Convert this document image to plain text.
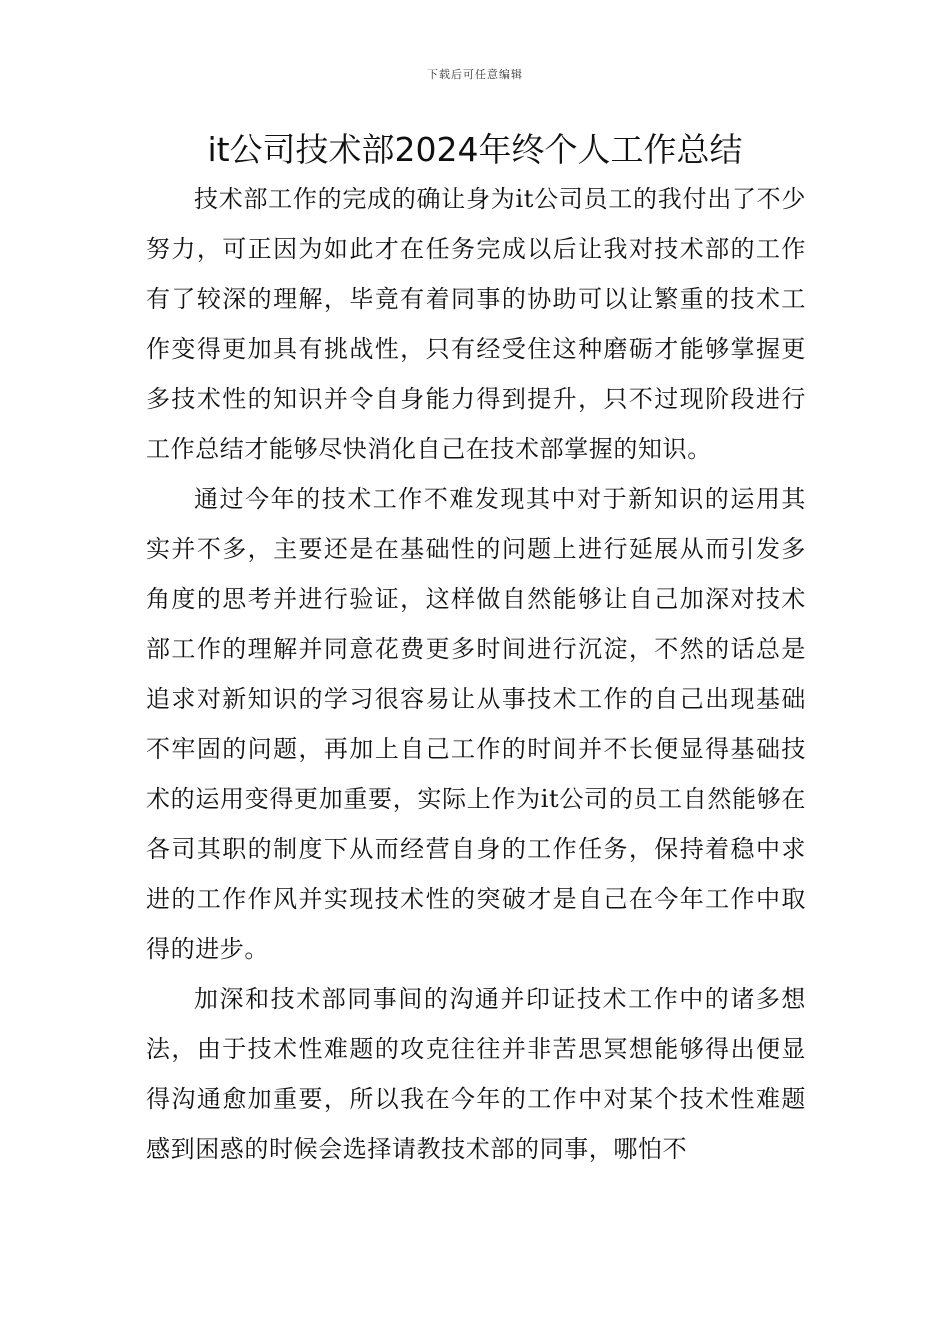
下载后可任意编辑
it公司技术部2024年终个人工作总结

技术部工作的完成的确让身为it公司员工的我付出了不少努力，可正因为如此才在任务完成以后让我对技术部的工作有了较深的理解，毕竟有着同事的协助可以让繁重的技术工作变得更加具有挑战性，只有经受住这种磨砺才能够掌握更多技术性的知识并令自身能力得到提升，只不过现阶段进行工作总结才能够尽快消化自己在技术部掌握的知识。

通过今年的技术工作不难发现其中对于新知识的运用其实并不多，主要还是在基础性的问题上进行延展从而引发多角度的思考并进行验证，这样做自然能够让自己加深对技术部工作的理解并同意花费更多时间进行沉淀，不然的话总是追求对新知识的学习很容易让从事技术工作的自己出现基础不牢固的问题，再加上自己工作的时间并不长便显得基础技术的运用变得更加重要，实际上作为it公司的员工自然能够在各司其职的制度下从而经营自身的工作任务，保持着稳中求进的工作作风并实现技术性的突破才是自己在今年工作中取得的进步。

加深和技术部同事间的沟通并印证技术工作中的诸多想法，由于技术性难题的攻克往往并非苦思冥想能够得出便显得沟通愈加重要，所以我在今年的工作中对某个技术性难题感到困惑的时候会选择请教技术部的同事，哪怕不
